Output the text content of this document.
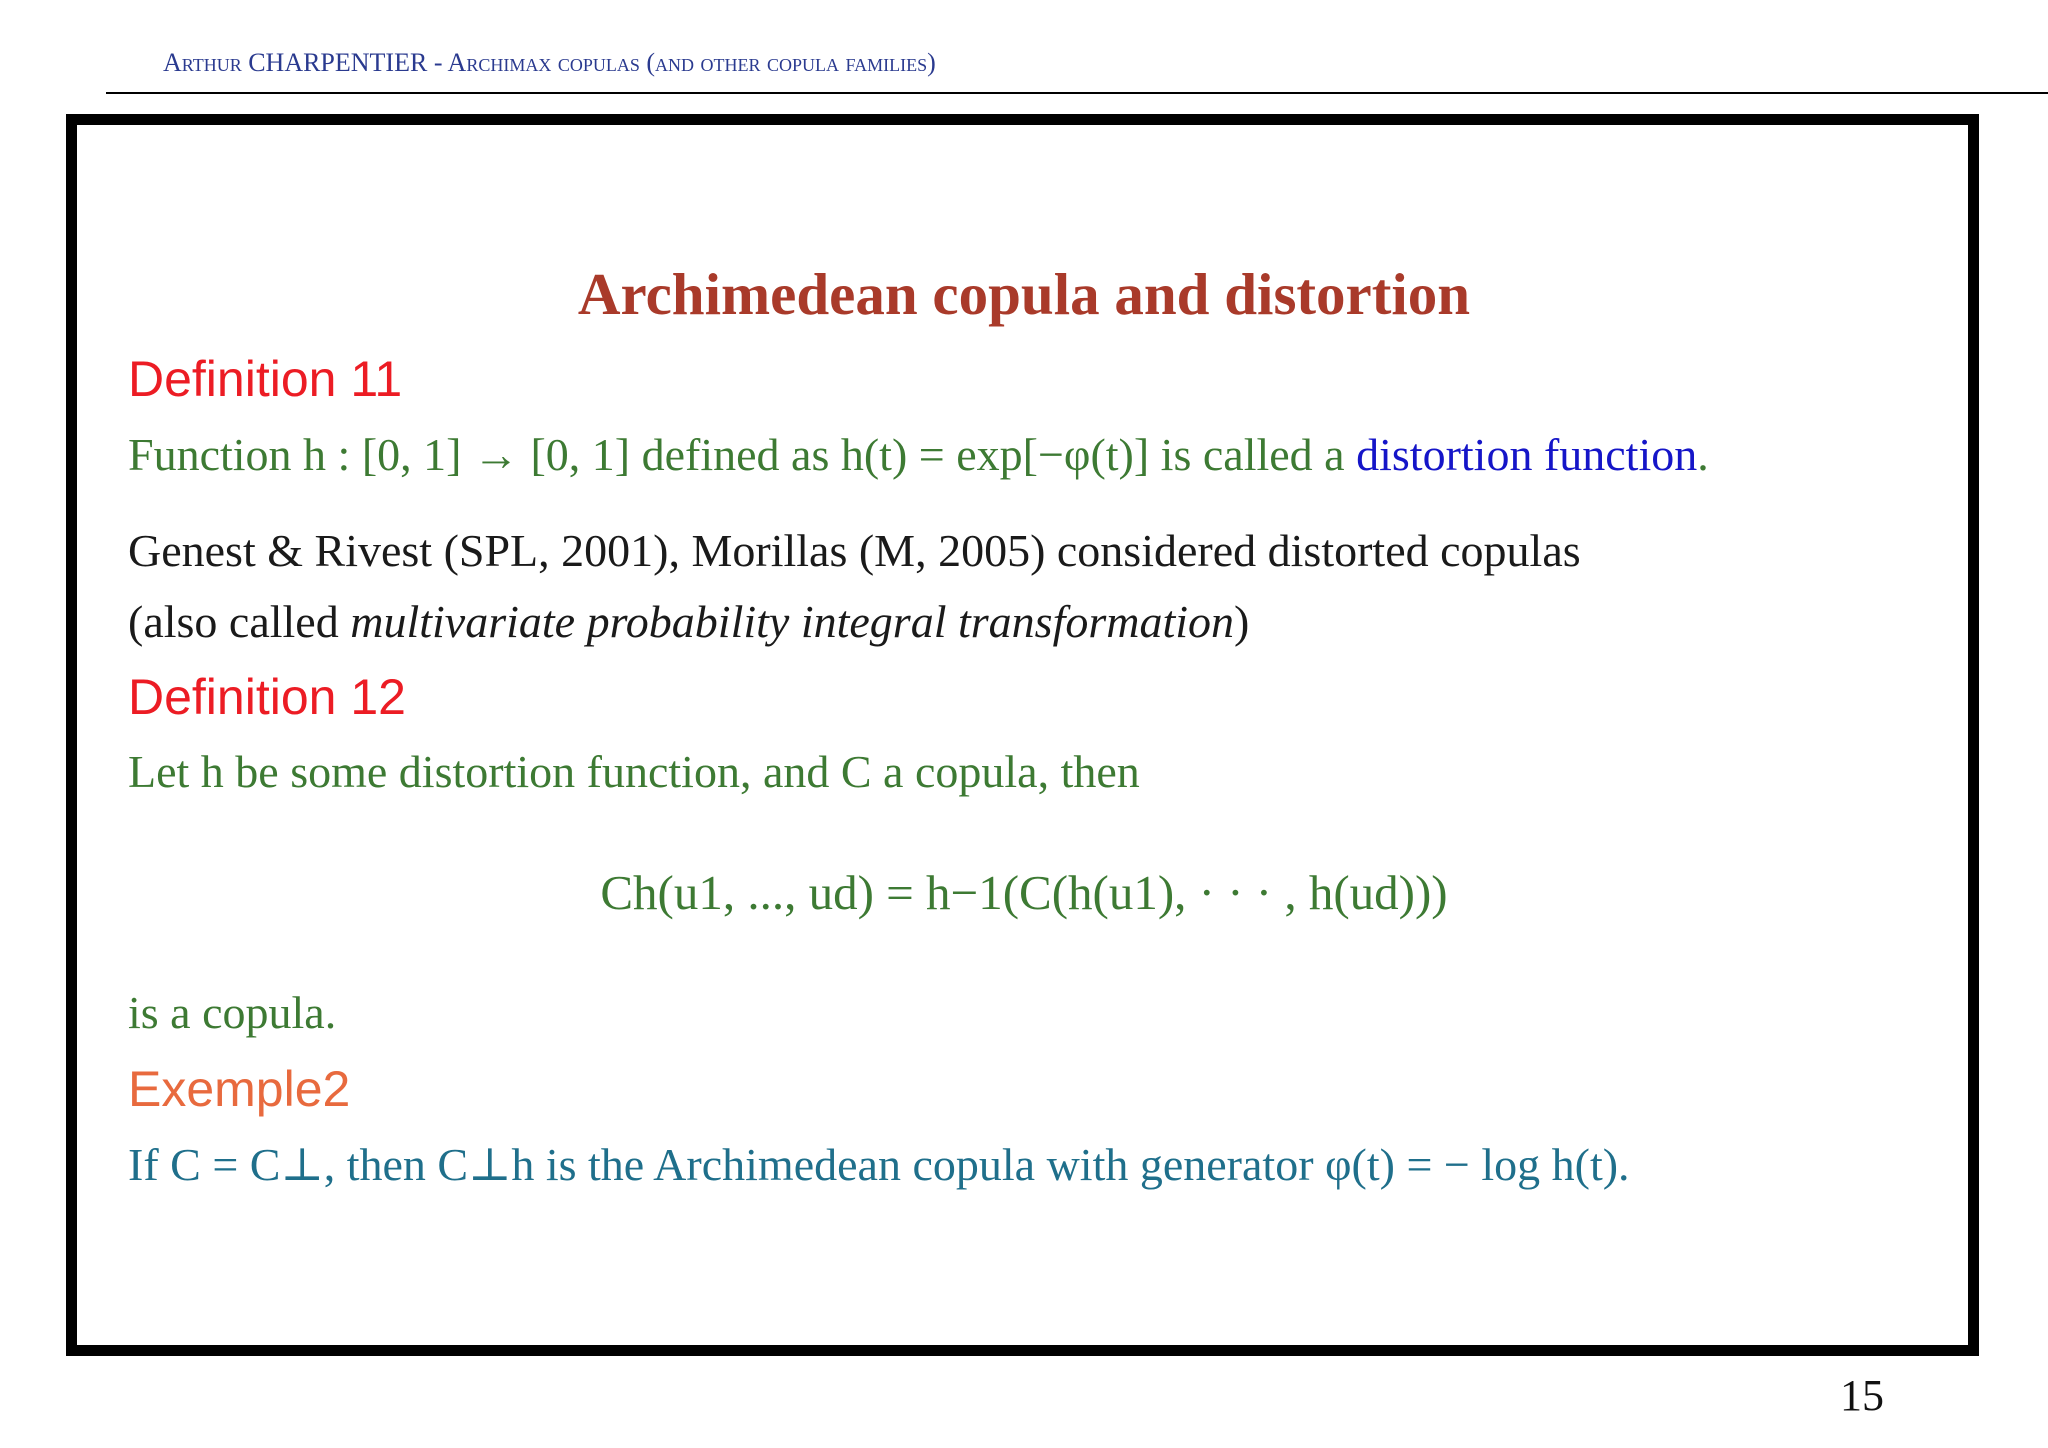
Arthur CHARPENTIER - Archimax copulas (and other copula families)
Archimedean copula and distortion
Definition 11
Function h : [0, 1] → [0, 1] defined as h(t) = exp[−φ(t)] is called a distortion function.
Genest & Rivest (SPL, 2001), Morillas (M, 2005) considered distorted copulas
(also called multivariate probability integral transformation)
Definition 12
Let h be some distortion function, and C a copula, then
Ch(u1, ..., ud) = h−1(C(h(u1), · · · , h(ud)))
is a copula.
Exemple2
If C = C⊥, then C⊥h is the Archimedean copula with generator φ(t) = − log h(t).
15
